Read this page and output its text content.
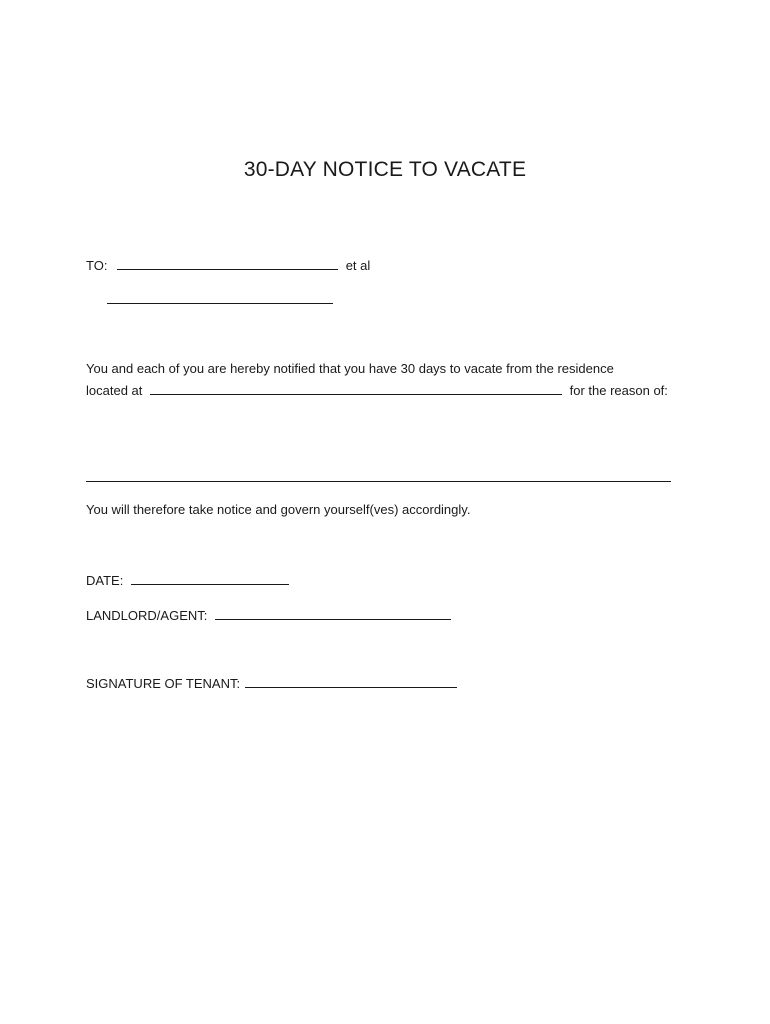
30-DAY NOTICE TO VACATE
TO:	et al
You and each of you are hereby notified that you have 30 days to vacate from the residence
located at	for the reason of:
You will therefore take notice and govern yourself(ves) accordingly.
DATE:
LANDLORD/AGENT:
SIGNATURE OF TENANT:
